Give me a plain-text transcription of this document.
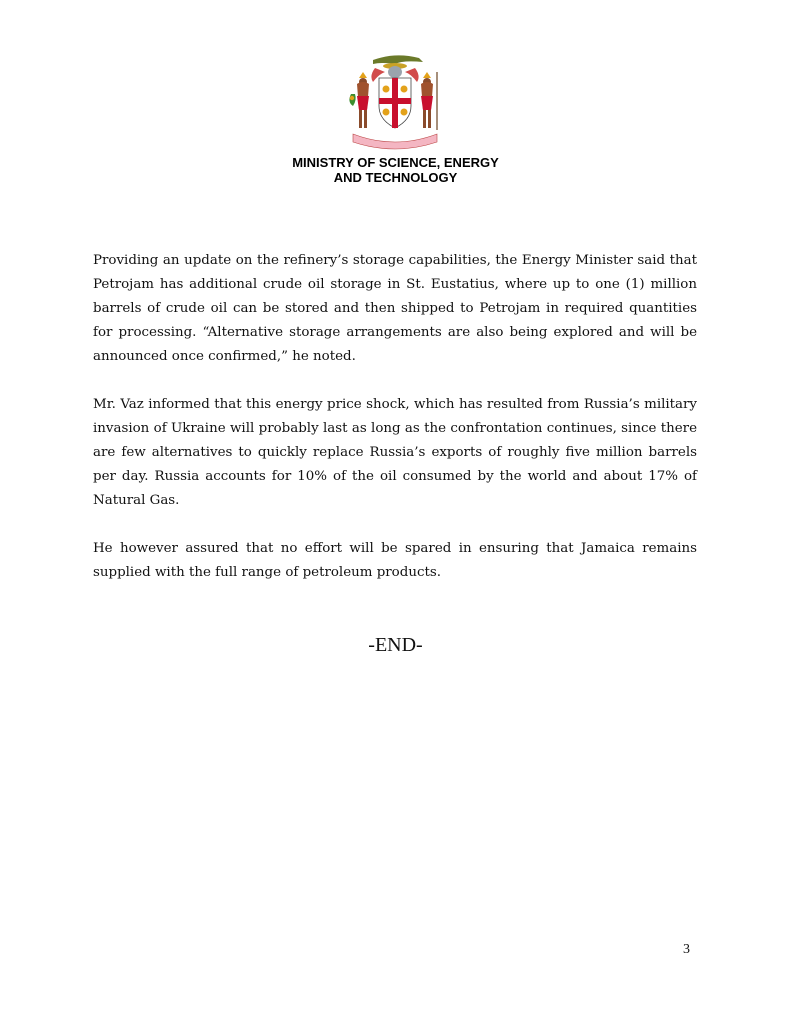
MINISTRY OF SCIENCE, ENERGY
AND TECHNOLOGY

Providing an update on the refinery’s storage capabilities, the Energy Minister said that Petrojam has additional crude oil storage in St. Eustatius, where up to one (1) million barrels of crude oil can be stored and then shipped to Petrojam in required quantities for processing. “Alternative storage arrangements are also being explored and will be announced once confirmed,” he noted.

Mr. Vaz informed that this energy price shock, which has resulted from Russia’s military invasion of Ukraine will probably last as long as the confrontation continues, since there are few alternatives to quickly replace Russia’s exports of roughly five million barrels per day. Russia accounts for 10% of the oil consumed by the world and about 17% of Natural Gas.

He however assured that no effort will be spared in ensuring that Jamaica remains supplied with the full range of petroleum products.

-END-
3
